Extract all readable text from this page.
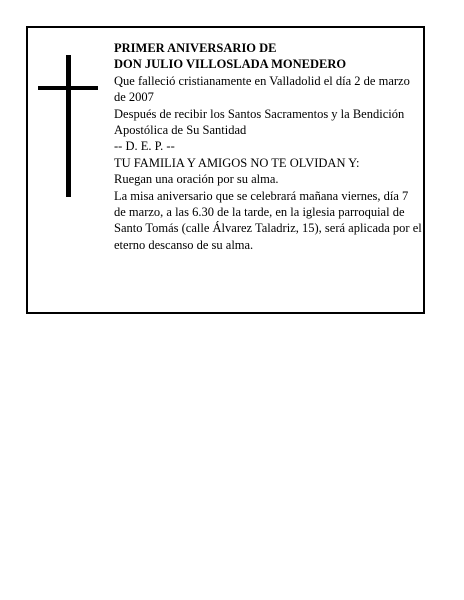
PRIMER ANIVERSARIO DE

DON JULIO VILLOSLADA MONEDERO

Que falleció cristianamente en Valladolid el día 2 de marzo de 2007

Después de recibir los Santos Sacramentos y la Bendición Apostólica de Su Santidad

-- D. E. P. --

TU FAMILIA Y AMIGOS NO TE OLVIDAN Y:

Ruegan una oración por su alma.

La misa aniversario que se celebrará mañana viernes, día 7 de marzo, a las 6.30 de la tarde, en la iglesia parroquial de Santo Tomás (calle Álvarez Taladriz, 15), será aplicada por el eterno descanso de su alma.
